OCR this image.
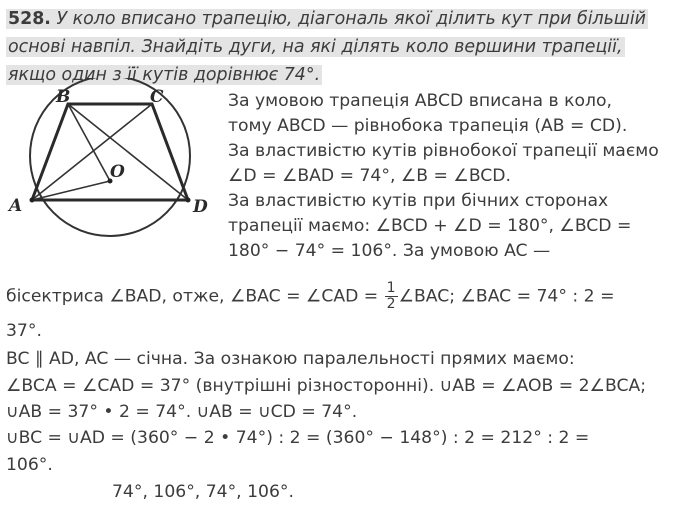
528. У коло вписано трапецію, діагональ якої ділить кут при більшій
основі навпіл. Знайдіть дуги, на які ділять коло вершини трапеції,
якщо один з її кутів дорівнює 74°.
A
B	C
D
O
За умовою трапеція ABCD вписана в коло,
тому ABCD — рівнобока трапеція (AB = CD).
За властивістю кутів рівнобокої трапеції маємо
∠D = ∠BAD = 74°, ∠B = ∠BCD.
За властивістю кутів при бічних сторонах
трапеції маємо: ∠BCD + ∠D = 180°, ∠BCD =
180° − 74° = 106°. За умовою AC —
бісектриса ∠BAD, отже, ∠BAC = ∠CAD = $\frac{1}{2}$ ∠BAC; ∠BAC = 74° : 2 =
37°.
BC ∥ AD, AC — січна. За ознакою паралельності прямих маємо:
∠BCA = ∠CAD = 37° (внутрішні різносторонні). ∪AB = ∠AOB = 2∠BCA;
∪AB = 37° • 2 = 74°. ∪AB = ∪CD = 74°.
∪BC = ∪AD = (360° − 2 • 74°) : 2 = (360° − 148°) : 2 = 212° : 2 =
106°.
74°, 106°, 74°, 106°.
